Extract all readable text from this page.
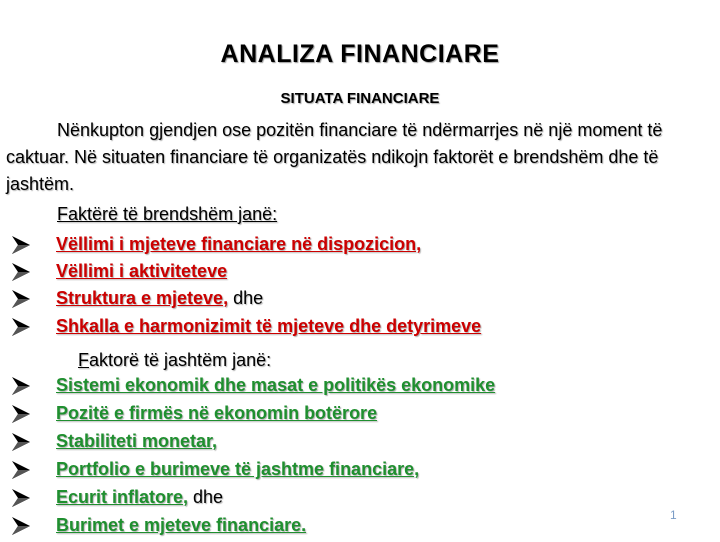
ANALIZA FINANCIARE
SITUATA FINANCIARE

Nënkupton gjendjen ose pozitën financiare të ndërmarrjes në një moment të caktuar. Në situaten financiare të organizatës ndikojn faktorët e brendshëm dhe të jashtëm.

Faktërë të brendshëm janë:
Vëllimi i mjeteve financiare në dispozicion,
Vëllimi i aktiviteteve
Struktura e mjeteve, dhe
Shkalla e harmonizimit të mjeteve dhe detyrimeve
Faktorë të jashtëm janë:
Sistemi ekonomik dhe masat e politikës ekonomike
Pozitë e firmës në ekonomin botërore
Stabiliteti monetar,
Portfolio e burimeve të jashtme financiare,
Ecurit inflatore, dhe
Burimet e mjeteve financiare.	1
